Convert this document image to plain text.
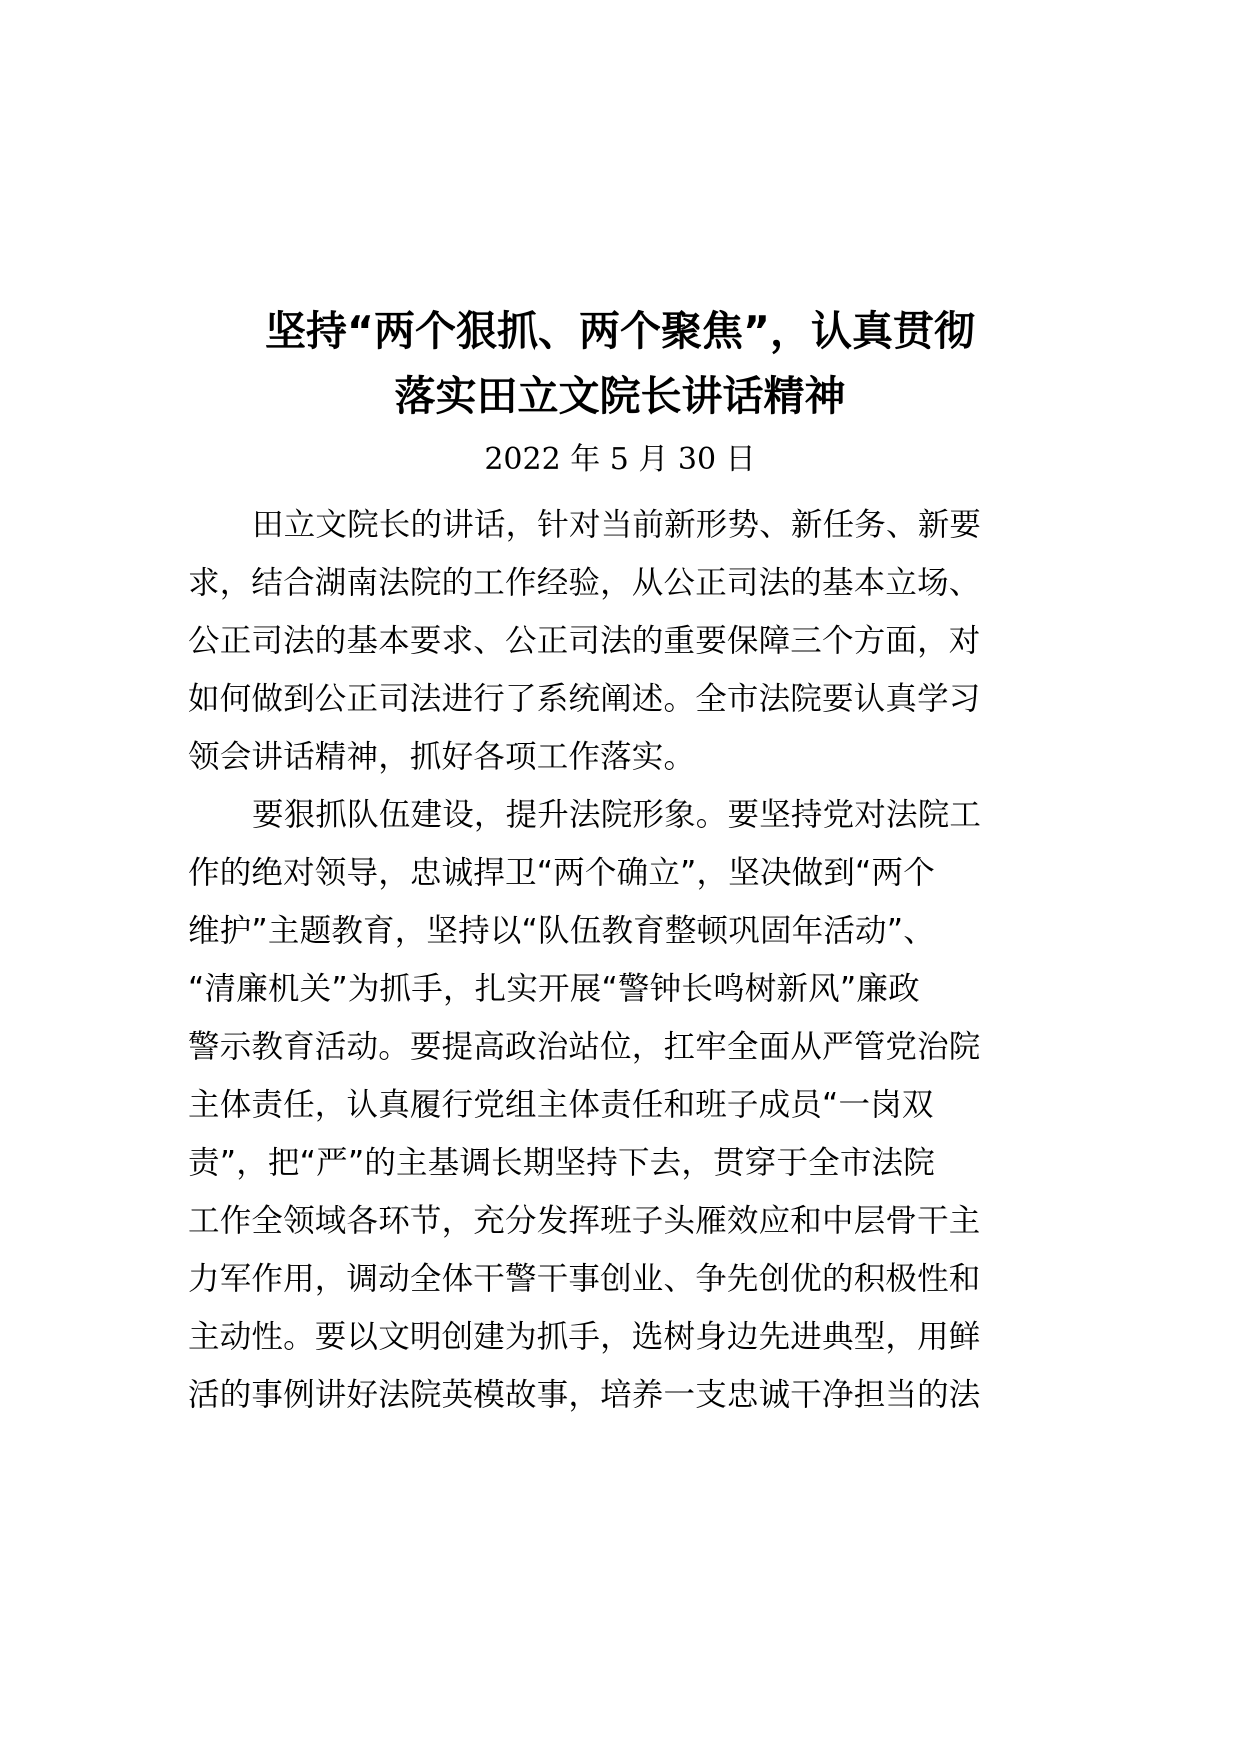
坚持“两个狠抓、两个聚焦”，认真贯彻
落实田立文院长讲话精神
2022 年 5 月 30 日
田立文院长的讲话，针对当前新形势、新任务、新要
求，结合湖南法院的工作经验，从公正司法的基本立场、
公正司法的基本要求、公正司法的重要保障三个方面，对
如何做到公正司法进行了系统阐述。全市法院要认真学习
领会讲话精神，抓好各项工作落实。
要狠抓队伍建设，提升法院形象。要坚持党对法院工
作的绝对领导，忠诚捍卫“两个确立”，坚决做到“两个
维护”主题教育，坚持以“队伍教育整顿巩固年活动”、
“清廉机关”为抓手，扎实开展“警钟长鸣树新风”廉政
警示教育活动。要提高政治站位，扛牢全面从严管党治院
主体责任，认真履行党组主体责任和班子成员“一岗双
责”，把“严”的主基调长期坚持下去，贯穿于全市法院
工作全领域各环节，充分发挥班子头雁效应和中层骨干主
力军作用，调动全体干警干事创业、争先创优的积极性和
主动性。要以文明创建为抓手，选树身边先进典型，用鲜
活的事例讲好法院英模故事，培养一支忠诚干净担当的法
